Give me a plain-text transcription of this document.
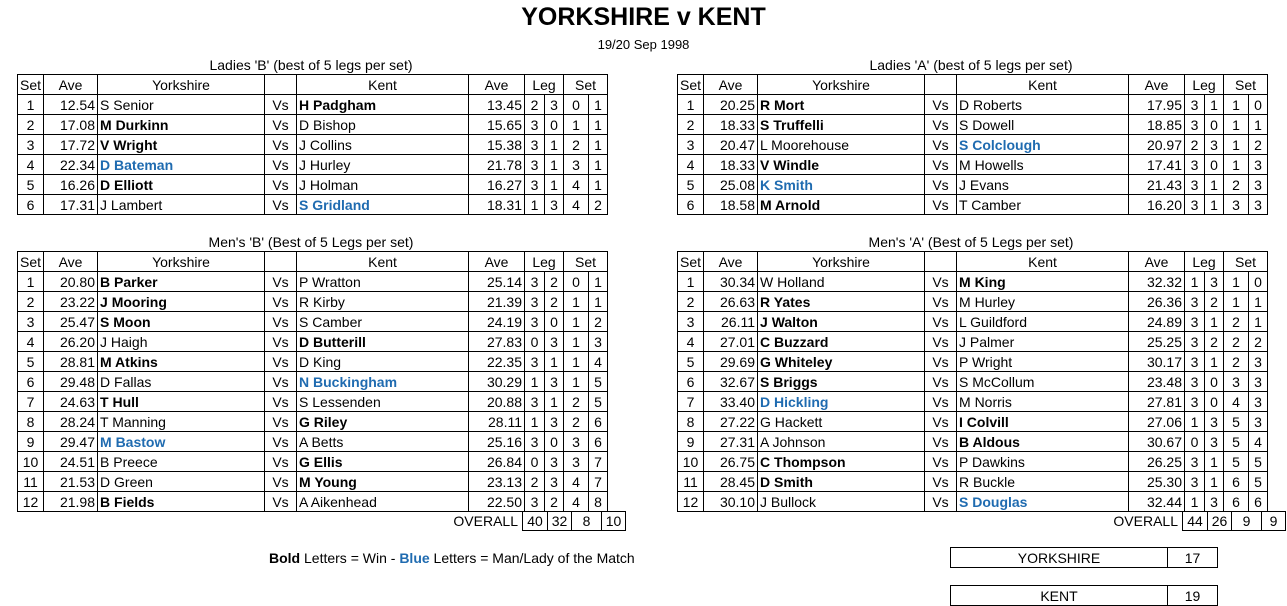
YORKSHIRE v KENT
19/20 Sep 1998
Ladies 'B' (best of 5 legs per set)
Set	Ave	Yorkshire		Kent	Ave	Leg		Set	
1	12.54	S Senior	Vs	H Padgham	13.45	2	3	0	1
2	17.08	M Durkinn	Vs	D Bishop	15.65	3	0	1	1
3	17.72	V Wright	Vs	J Collins	15.38	3	1	2	1
4	22.34	D Bateman	Vs	J Hurley	21.78	3	1	3	1
5	16.26	D Elliott	Vs	J Holman	16.27	3	1	4	1
6	17.31	J Lambert	Vs	S Gridland	18.31	1	3	4	2
Ladies 'A' (best of 5 legs per set)
Set	Ave	Yorkshire		Kent	Ave	Leg		Set	
1	20.25	R Mort	Vs	D Roberts	17.95	3	1	1	0
2	18.33	S Truffelli	Vs	S Dowell	18.85	3	0	1	1
3	20.47	L Moorehouse	Vs	S Colclough	20.97	2	3	1	2
4	18.33	V Windle	Vs	M Howells	17.41	3	0	1	3
5	25.08	K Smith	Vs	J Evans	21.43	3	1	2	3
6	18.58	M Arnold	Vs	T Camber	16.20	3	1	3	3
Men's 'B' (Best of 5 Legs per set)
Set	Ave	Yorkshire		Kent	Ave	Leg		Set	
1	20.80	B Parker	Vs	P Wratton	25.14	3	2	0	1
2	23.22	J Mooring	Vs	R Kirby	21.39	3	2	1	1
3	25.47	S Moon	Vs	S Camber	24.19	3	0	1	2
4	26.20	J Haigh	Vs	D Butterill	27.83	0	3	1	3
5	28.81	M Atkins	Vs	D King	22.35	3	1	1	4
6	29.48	D Fallas	Vs	N Buckingham	30.29	1	3	1	5
7	24.63	T Hull	Vs	S Lessenden	20.88	3	1	2	5
8	28.24	T Manning	Vs	G Riley	28.11	1	3	2	6
9	29.47	M Bastow	Vs	A Betts	25.16	3	0	3	6
10	24.51	B Preece	Vs	G Ellis	26.84	0	3	3	7
11	21.53	D Green	Vs	M Young	23.13	2	3	4	7
12	21.98	B Fields	Vs	A Aikenhead	22.50	3	2	4	8
OVERALL 40	32	8	10
Men's 'A' (Best of 5 Legs per set)
Set	Ave	Yorkshire		Kent	Ave	Leg		Set	
1	30.34	W Holland	Vs	M King	32.32	1	3	1	0
2	26.63	R Yates	Vs	M Hurley	26.36	3	2	1	1
3	26.11	J Walton	Vs	L Guildford	24.89	3	1	2	1
4	27.01	C Buzzard	Vs	J Palmer	25.25	3	2	2	2
5	29.69	G Whiteley	Vs	P Wright	30.17	3	1	2	3
6	32.67	S Briggs	Vs	S McCollum	23.48	3	0	3	3
7	33.40	D Hickling	Vs	M Norris	27.81	3	0	4	3
8	27.22	G Hackett	Vs	I Colvill	27.06	1	3	5	3
9	27.31	A Johnson	Vs	B Aldous	30.67	0	3	5	4
10	26.75	C Thompson	Vs	P Dawkins	26.25	3	1	5	5
11	28.45	D Smith	Vs	R Buckle	25.30	3	1	6	5
12	30.10	J Bullock	Vs	S Douglas	32.44	1	3	6	6
OVERALL 44	26	9	9
Bold Letters = Win - Blue Letters = Man/Lady of the Match	YORKSHIRE	17
KENT	19
